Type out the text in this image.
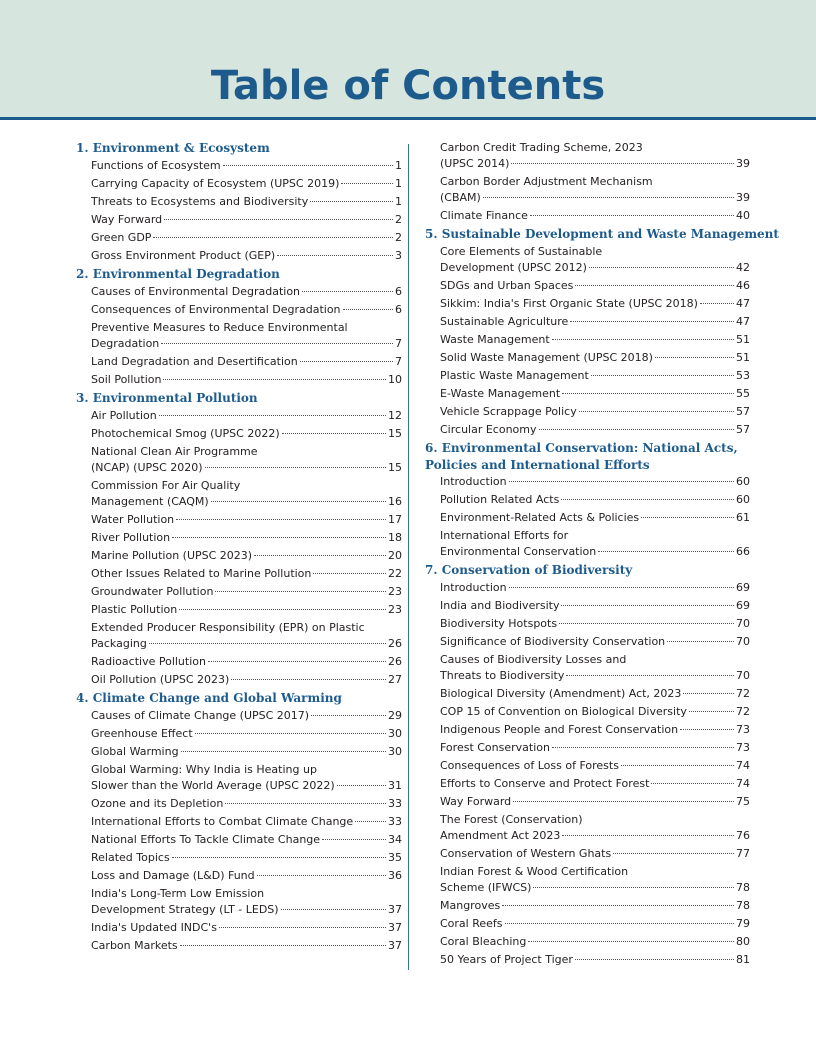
Table of Contents
1. Environment & Ecosystem
Functions of Ecosystem	1
Carrying Capacity of Ecosystem (UPSC 2019)	1
Threats to Ecosystems and Biodiversity	1
Way Forward	2
Green GDP	2
Gross Environment Product (GEP)	3
2. Environmental Degradation
Causes of Environmental Degradation	6
Consequences of Environmental Degradation	6
Preventive Measures to Reduce Environmental
Degradation	7
Land Degradation and Desertification	7
Soil Pollution	10
3. Environmental Pollution
Air Pollution	12
Photochemical Smog (UPSC 2022)	15
National Clean Air Programme
(NCAP) (UPSC 2020)	15
Commission For Air Quality
Management (CAQM)	16
Water Pollution	17
River Pollution	18
Marine Pollution (UPSC 2023)	20
Other Issues Related to Marine Pollution	22
Groundwater Pollution	23
Plastic Pollution	23
Extended Producer Responsibility (EPR) on Plastic
Packaging	26
Radioactive Pollution	26
Oil Pollution (UPSC 2023)	27
4. Climate Change and Global Warming
Causes of Climate Change (UPSC 2017)	29
Greenhouse Effect	30
Global Warming	30
Global Warming: Why India is Heating up
Slower than the World Average (UPSC 2022)	31
Ozone and its Depletion	33
International Efforts to Combat Climate Change	33
National Efforts To Tackle Climate Change	34
Related Topics	35
Loss and Damage (L&D) Fund	36
India's Long-Term Low Emission
Development Strategy (LT - LEDS)	37
India's Updated INDC's	37
Carbon Markets	37
Carbon Credit Trading Scheme, 2023
(UPSC 2014)	39
Carbon Border Adjustment Mechanism
(CBAM)	39
Climate Finance	40
5. Sustainable Development and Waste Management
Core Elements of Sustainable
Development (UPSC 2012)	42
SDGs and Urban Spaces	46
Sikkim: India's First Organic State (UPSC 2018)	47
Sustainable Agriculture	47
Waste Management	51
Solid Waste Management (UPSC 2018)	51
Plastic Waste Management	53
E-Waste Management	55
Vehicle Scrappage Policy	57
Circular Economy	57
6. Environmental Conservation: National Acts,
Policies and International Efforts
Introduction	60
Pollution Related Acts	60
Environment-Related Acts & Policies	61
International Efforts for
Environmental Conservation	66
7. Conservation of Biodiversity
Introduction	69
India and Biodiversity	69
Biodiversity Hotspots	70
Significance of Biodiversity Conservation	70
Causes of Biodiversity Losses and
Threats to Biodiversity	70
Biological Diversity (Amendment) Act, 2023	72
COP 15 of Convention on Biological Diversity	72
Indigenous People and Forest Conservation	73
Forest Conservation	73
Consequences of Loss of Forests	74
Efforts to Conserve and Protect Forest	74
Way Forward	75
The Forest (Conservation)
Amendment Act 2023	76
Conservation of Western Ghats	77
Indian Forest & Wood Certification
Scheme (IFWCS)	78
Mangroves	78
Coral Reefs	79
Coral Bleaching	80
50 Years of Project Tiger	81
